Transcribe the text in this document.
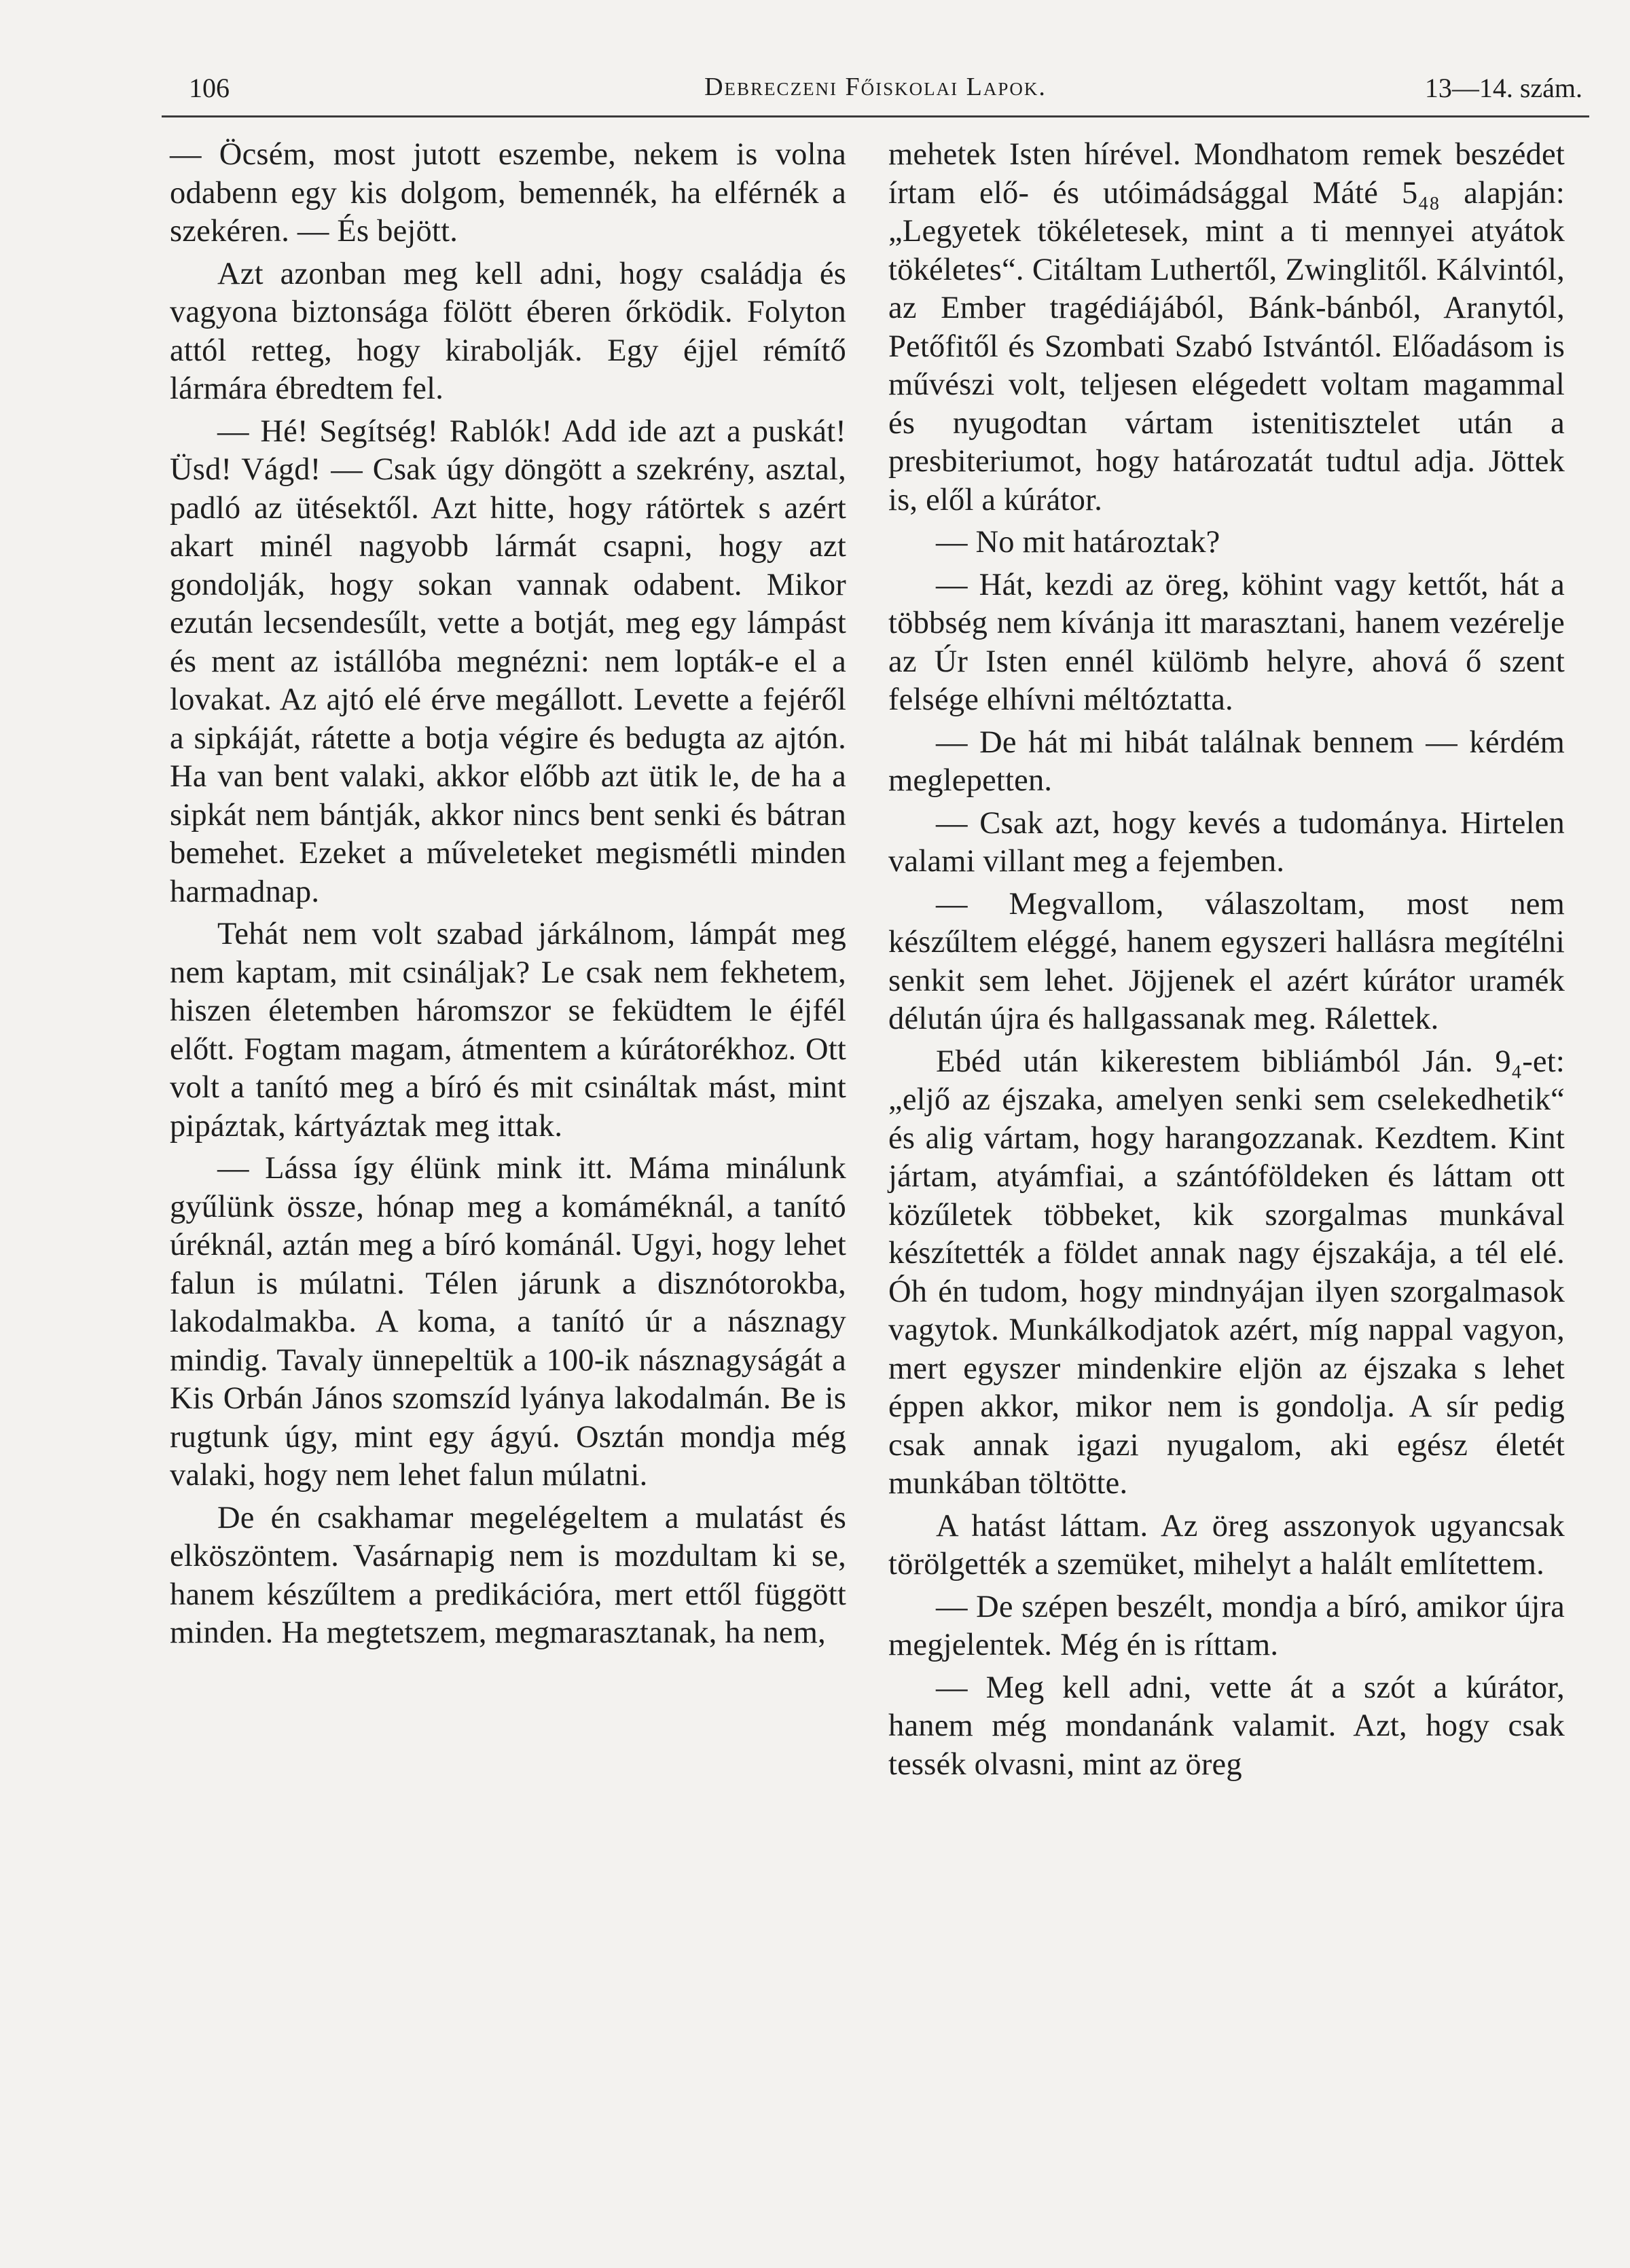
106	Debreczeni Főiskolai Lapok.	13—14. szám.

— Öcsém, most jutott eszembe, nekem is volna odabenn egy kis dolgom, bemennék, ha elférnék a szekéren. — És bejött.

Azt azonban meg kell adni, hogy családja és vagyona biztonsága fölött éberen őrködik. Folyton attól retteg, hogy kirabolják. Egy éjjel rémítő lármára ébredtem fel.

— Hé! Segítség! Rablók! Add ide azt a puskát! Üsd! Vágd! — Csak úgy döngött a szekrény, asztal, padló az ütésektől. Azt hitte, hogy rátörtek s azért akart minél nagyobb lármát csapni, hogy azt gondolják, hogy sokan vannak odabent. Mikor ezután lecsendesűlt, vette a botját, meg egy lámpást és ment az istállóba megnézni: nem lopták-e el a lovakat. Az ajtó elé érve megállott. Levette a fejéről a sipkáját, rátette a botja végire és bedugta az ajtón. Ha van bent valaki, akkor előbb azt ütik le, de ha a sipkát nem bántják, akkor nincs bent senki és bátran bemehet. Ezeket a műveleteket megismétli minden harmadnap.

Tehát nem volt szabad járkálnom, lámpát meg nem kaptam, mit csináljak? Le csak nem fekhetem, hiszen életemben háromszor se feküdtem le éjfél előtt. Fogtam magam, átmentem a kúrátorékhoz. Ott volt a tanító meg a bíró és mit csináltak mást, mint pipáztak, kártyáztak meg ittak.

— Lássa így élünk mink itt. Máma minálunk gyűlünk össze, hónap meg a komáméknál, a tanító úréknál, aztán meg a bíró kománál. Ugyi, hogy lehet falun is múlatni. Télen járunk a disznótorokba, lakodalmakba. A koma, a tanító úr a násznagy mindig. Tavaly ünnepeltük a 100-ik násznagyságát a Kis Orbán János szomszíd lyánya lakodalmán. Be is rugtunk úgy, mint egy ágyú. Osztán mondja még valaki, hogy nem lehet falun múlatni.

De én csakhamar megelégeltem a mulatást és elköszöntem. Vasárnapig nem is mozdultam ki se, hanem készűltem a predikációra, mert ettől függött minden. Ha megtetszem, megmarasztanak, ha nem,

mehetek Isten hírével. Mondhatom remek beszédet írtam elő- és utóimádsággal Máté 5₄₈ alapján: „Legyetek tökéletesek, mint a ti mennyei atyátok tökéletes“. Citáltam Luthertől, Zwinglitől. Kálvintól, az Ember tragédiájából, Bánk-bánból, Aranytól, Petőfitől és Szombati Szabó Istvántól. Előadásom is művészi volt, teljesen elégedett voltam magammal és nyugodtan vártam istenitisztelet után a presbiteriumot, hogy határozatát tudtul adja. Jöttek is, elől a kúrátor.

— No mit határoztak?

— Hát, kezdi az öreg, köhint vagy kettőt, hát a többség nem kívánja itt marasztani, hanem vezérelje az Úr Isten ennél külömb helyre, ahová ő szent felsége elhívni méltóztatta.

— De hát mi hibát találnak bennem — kérdém meglepetten.

— Csak azt, hogy kevés a tudománya. Hirtelen valami villant meg a fejemben.

— Megvallom, válaszoltam, most nem készűltem eléggé, hanem egyszeri hallásra megítélni senkit sem lehet. Jöjjenek el azért kúrátor uramék délután újra és hallgassanak meg. Rálettek.

Ebéd után kikerestem bibliámból Ján. 9₄-et: „eljő az éjszaka, amelyen senki sem cselekedhetik“ és alig vártam, hogy harangozzanak. Kezdtem. Kint jártam, atyámfiai, a szántóföldeken és láttam ott közűletek többeket, kik szorgalmas munkával készítették a földet annak nagy éjszakája, a tél elé. Óh én tudom, hogy mindnyájan ilyen szorgalmasok vagytok. Munkálkodjatok azért, míg nappal vagyon, mert egyszer mindenkire eljön az éjszaka s lehet éppen akkor, mikor nem is gondolja. A sír pedig csak annak igazi nyugalom, aki egész életét munkában töltötte.

A hatást láttam. Az öreg asszonyok ugyancsak törölgették a szemüket, mihelyt a halált említettem.

— De szépen beszélt, mondja a bíró, amikor újra megjelentek. Még én is ríttam.

— Meg kell adni, vette át a szót a kúrátor, hanem még mondanánk valamit. Azt, hogy csak tessék olvasni, mint az öreg
